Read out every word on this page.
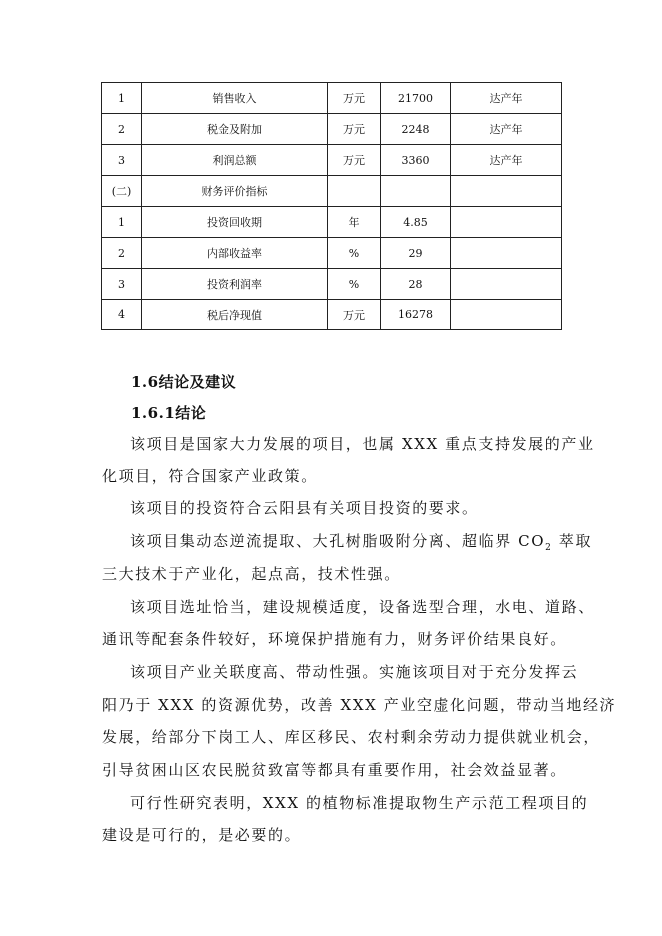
1	销售收入	万元	21700	达产年
2	税金及附加	万元	2248	达产年
3	利润总额	万元	3360	达产年
(二)	财务评价指标			
1	投资回收期	年	4.85	
2	内部收益率	%	29	
3	投资利润率	%	28	
4	税后净现值	万元	16278	
1.6结论及建议
1.6.1结论
该项目是国家大力发展的项目，也属 XXX 重点支持发展的产业
化项目，符合国家产业政策。
该项目的投资符合云阳县有关项目投资的要求。
该项目集动态逆流提取、大孔树脂吸附分离、超临界 $CO_2$ 萃取
三大技术于产业化，起点高，技术性强。
该项目选址恰当，建设规模适度，设备选型合理，水电、道路、
通讯等配套条件较好，环境保护措施有力，财务评价结果良好。
该项目产业关联度高、带动性强。实施该项目对于充分发挥云
阳乃于 XXX 的资源优势，改善 XXX 产业空虚化问题，带动当地经济
发展，给部分下岗工人、库区移民、农村剩余劳动力提供就业机会，
引导贫困山区农民脱贫致富等都具有重要作用，社会效益显著。
可行性研究表明，XXX 的植物标准提取物生产示范工程项目的
建设是可行的，是必要的。
